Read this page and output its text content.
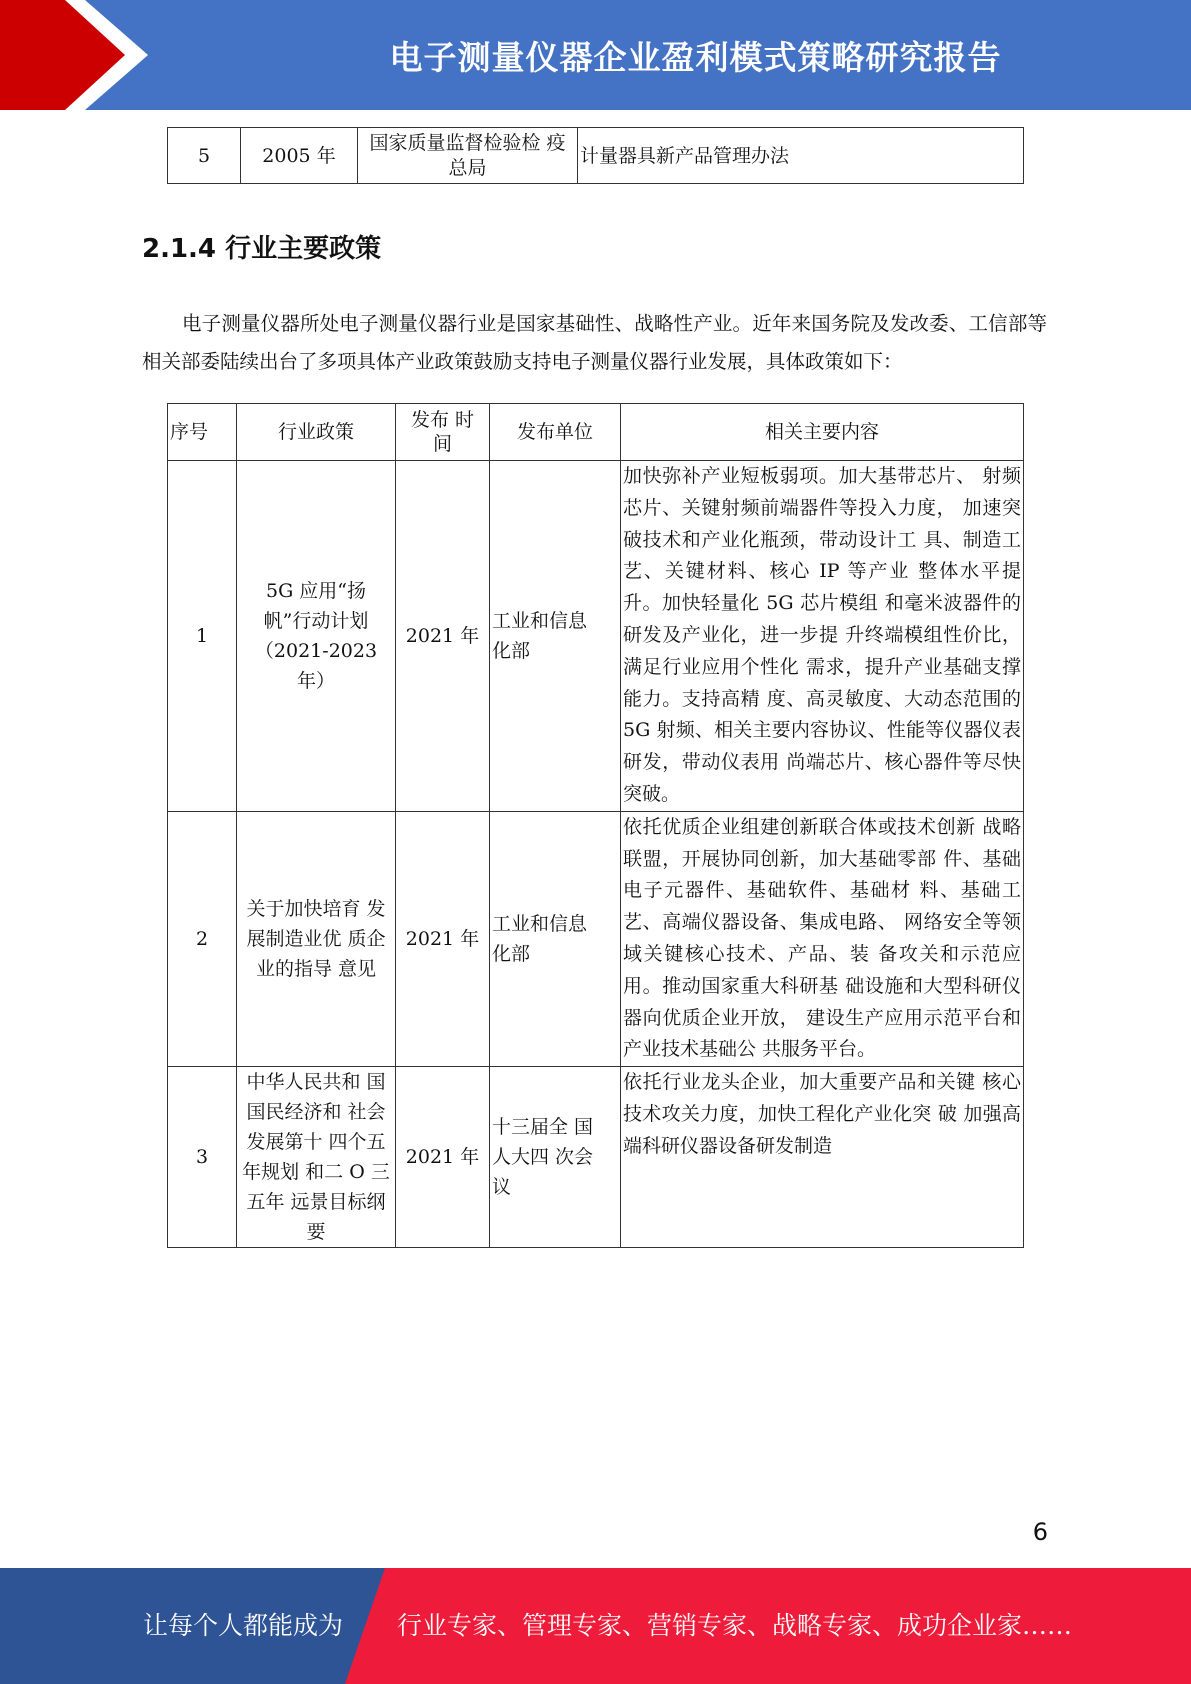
电子测量仪器企业盈利模式策略研究报告
5	2005 年	国家质量监督检验检 疫总局	计量器具新产品管理办法
2.1.4 行业主要政策
电子测量仪器所处电子测量仪器行业是国家基础性、战略性产业。近年来国务院及发改委、工信部等相关部委陆续出台了多项具体产业政策鼓励支持电子测量仪器行业发展，具体政策如下：
序号	行业政策	发布 时间	发布单位	相关主要内容
1	5G 应用“扬帆”行动计划（2021-2023 年）	2021 年	工业和信息化部	加快弥补产业短板弱项。加大基带芯片、 射频芯片、关键射频前端器件等投入力度， 加速突破技术和产业化瓶颈，带动设计工 具、制造工艺、关键材料、核心 IP 等产业 整体水平提升。加快轻量化 5G 芯片模组 和毫米波器件的研发及产业化，进一步提 升终端模组性价比，满足行业应用个性化 需求，提升产业基础支撑能力。支持高精 度、高灵敏度、大动态范围的 5G 射频、相关主要内容协议、性能等仪器仪表研发，带动仪表用 尚端芯片、核心器件等尽快突破。
2	关于加快培育 发展制造业优 质企业的指导 意见	2021 年	工业和信息化部	依托优质企业组建创新联合体或技术创新 战略联盟，开展协同创新，加大基础零部 件、基础电子元器件、基础软件、基础材 料、基础工艺、高端仪器设备、集成电路、 网络安全等领域关键核心技术、产品、装 备攻关和示范应用。推动国家重大科研基 础设施和大型科研仪器向优质企业开放， 建设生产应用示范平台和产业技术基础公 共服务平台。
3	中华人民共和 国国民经济和 社会发展第十 四个五年规划 和二 O 三五年 远景目标纲要	2021 年	十三届全 国人大四 次会议	依托行业龙头企业，加大重要产品和关键 核心技术攻关力度，加快工程化产业化突 破 加强高端科研仪器设备研发制造
6
让每个人都能成为 行业专家、管理专家、营销专家、战略专家、成功企业家……
